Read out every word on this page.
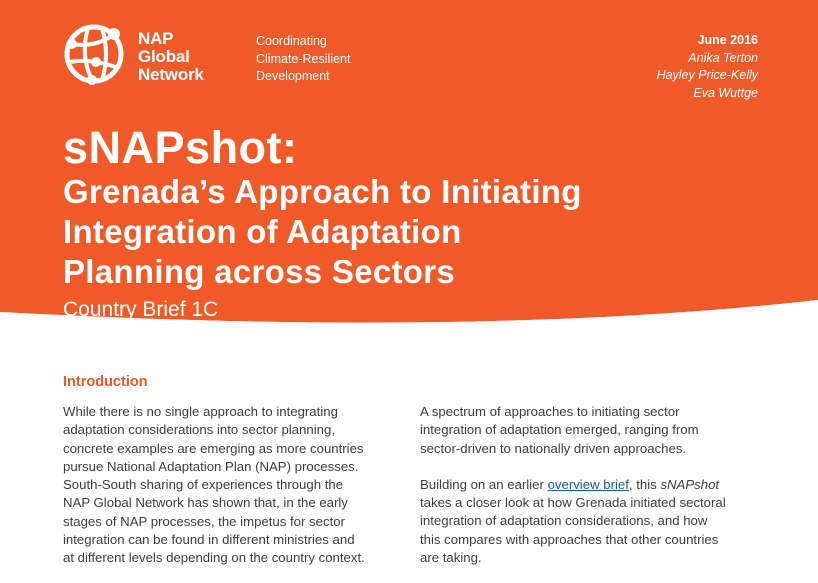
NAP
Global
Network
Coordinating
Climate-Resilient
Development
June 2016
Anika Terton
Hayley Price-Kelly
Eva Wuttge
sNAPshot:
Grenada’s Approach to Initiating
Integration of Adaptation
Planning across Sectors
Country Brief 1C
Introduction
While there is no single approach to integrating
adaptation considerations into sector planning,
concrete examples are emerging as more countries
pursue National Adaptation Plan (NAP) processes.
South-South sharing of experiences through the
NAP Global Network has shown that, in the early
stages of NAP processes, the impetus for sector
integration can be found in different ministries and
at different levels depending on the country context.
A spectrum of approaches to initiating sector
integration of adaptation emerged, ranging from
sector-driven to nationally driven approaches.
Building on an earlier overview brief, this sNAPshot
takes a closer look at how Grenada initiated sectoral
integration of adaptation considerations, and how
this compares with approaches that other countries
are taking.
